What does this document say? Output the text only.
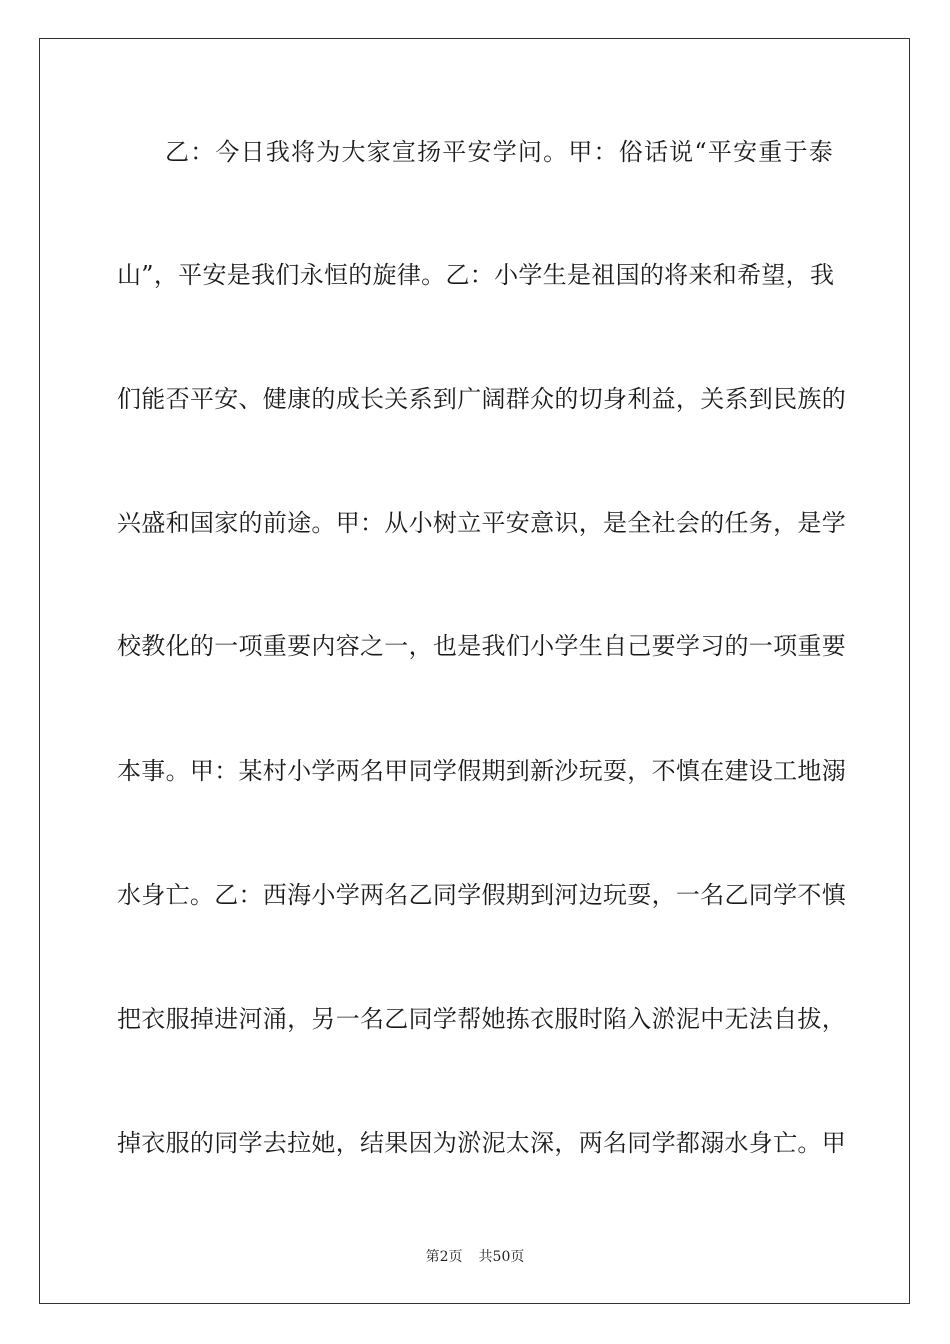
乙：今日我将为大家宣扬平安学问。甲：俗话说“平安重于泰
山”，平安是我们永恒的旋律。乙：小学生是祖国的将来和希望，我
们能否平安、健康的成长关系到广阔群众的切身利益，关系到民族的
兴盛和国家的前途。甲：从小树立平安意识，是全社会的任务，是学
校教化的一项重要内容之一，也是我们小学生自己要学习的一项重要
本事。甲：某村小学两名甲同学假期到新沙玩耍，不慎在建设工地溺
水身亡。乙：西海小学两名乙同学假期到河边玩耍，一名乙同学不慎
把衣服掉进河涌，另一名乙同学帮她拣衣服时陷入淤泥中无法自拔，
掉衣服的同学去拉她，结果因为淤泥太深，两名同学都溺水身亡。甲
第2页 共50页
